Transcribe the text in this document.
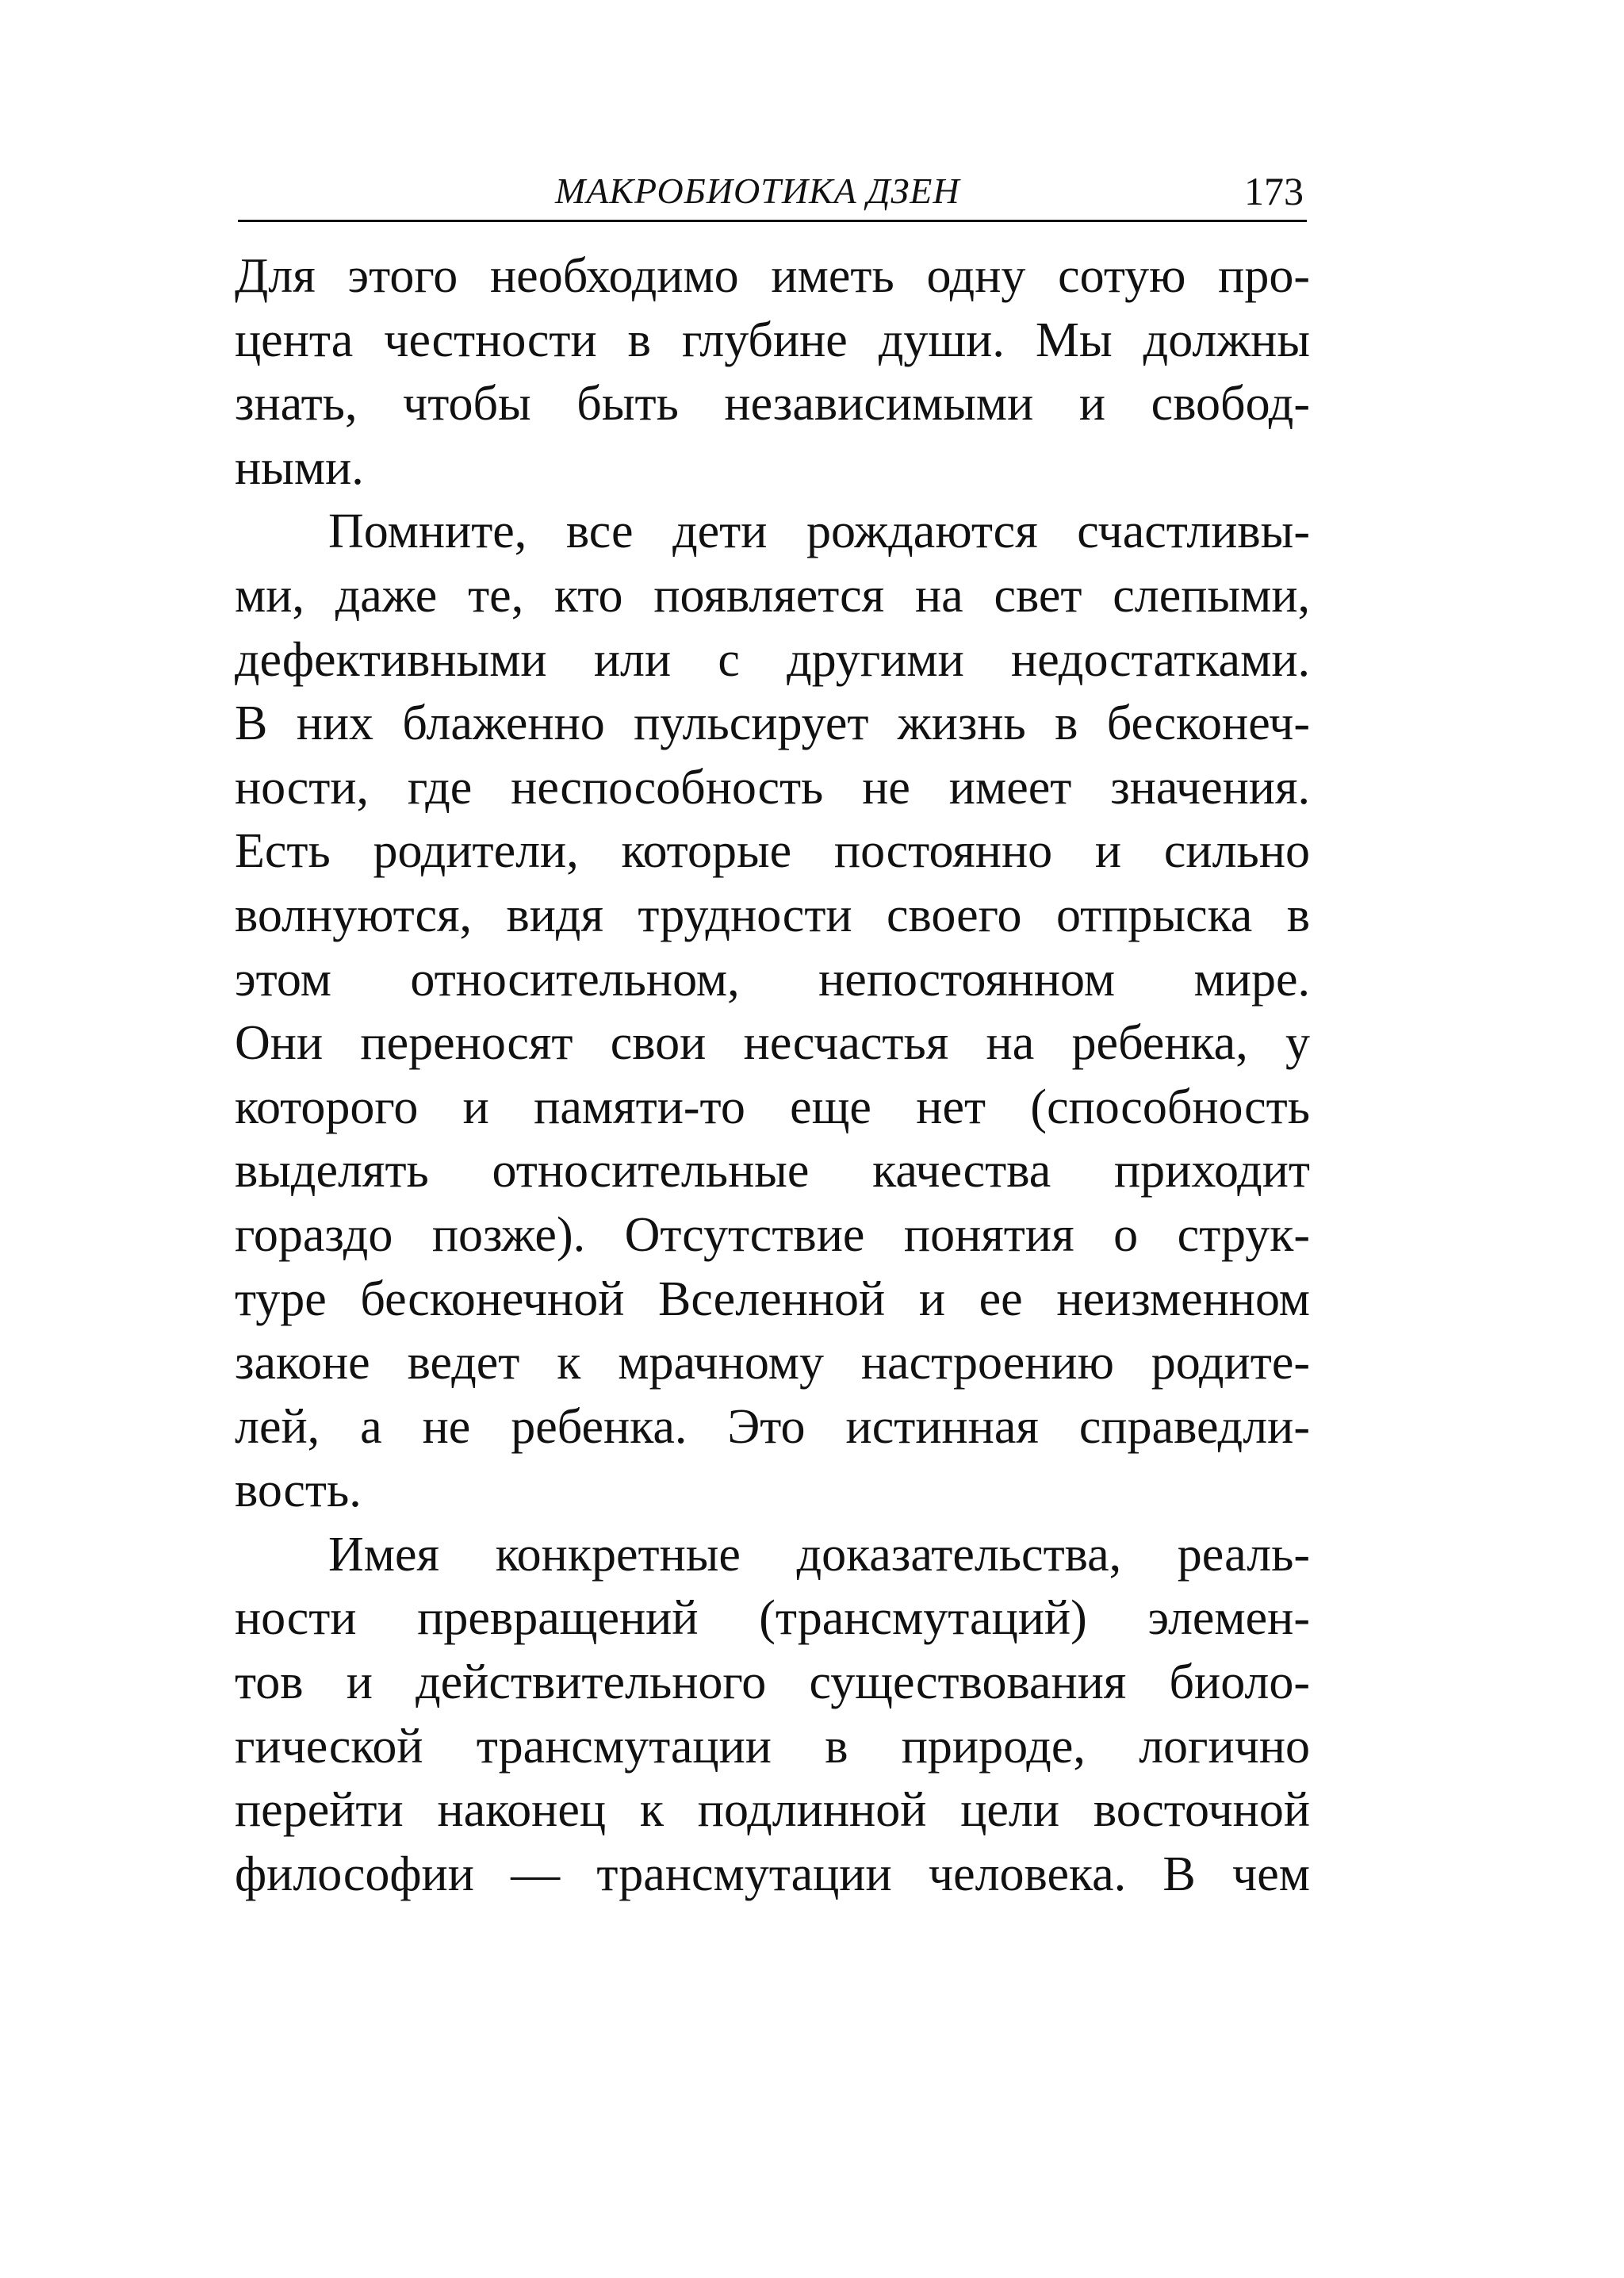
МАКРОБИОТИКА ДЗЕН	173
Для этого необходимо иметь одну сотую про-
цента честности в глубине души. Мы должны
знать, чтобы быть независимыми и свобод-
ными.
Помните, все дети рождаются счастливы-
ми, даже те, кто появляется на свет слепыми,
дефективными или с другими недостатками.
В них блаженно пульсирует жизнь в бесконеч-
ности, где неспособность не имеет значения.
Есть родители, которые постоянно и сильно
волнуются, видя трудности своего отпрыска в
этом относительном, непостоянном мире.
Они переносят свои несчастья на ребенка, у
которого и памяти-то еще нет (способность
выделять относительные качества приходит
гораздо позже). Отсутствие понятия о струк-
туре бесконечной Вселенной и ее неизменном
законе ведет к мрачному настроению родите-
лей, а не ребенка. Это истинная справедли-
вость.
Имея конкретные доказательства, реаль-
ности превращений (трансмутаций) элемен-
тов и действительного существования биоло-
гической трансмутации в природе, логично
перейти наконец к подлинной цели восточной
философии — трансмутации человека. В чем
